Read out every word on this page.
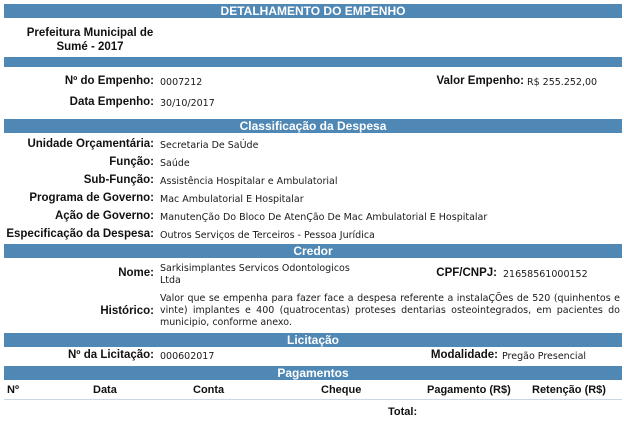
DETALHAMENTO DO EMPENHO
Prefeitura Municipal de
Sumé - 2017
Nº do Empenho: 0007212	Valor Empenho: R$ 255.252,00
Data Empenho: 30/10/2017
Classificação da Despesa
Unidade Orçamentária: Secretaria De SaÚde
Função: Saúde
Sub-Função: Assistência Hospitalar e Ambulatorial
Programa de Governo: Mac Ambulatorial E Hospitalar
Ação de Governo: ManutenÇão Do Bloco De AtenÇão De Mac Ambulatorial E Hospitalar
Especificação da Despesa: Outros Serviços de Terceiros - Pessoa Jurídica
Credor
Nome: Sarkisimplantes Servicos Odontologicos
Ltda
CPF/CNPJ: 21658561000152
Histórico:
Valor que se empenha para fazer face a despesa referente a instalaÇÕes de 520 (quinhentos e vinte) implantes e 400 (quatrocentas) proteses dentarias osteointegrados, em pacientes do municipio, conforme anexo.
Licitação
Nº da Licitação: 000602017	Modalidade: Pregão Presencial
Pagamentos
Nº	Data	Conta	Cheque	Pagamento (R$) Retenção (R$)
Total:
